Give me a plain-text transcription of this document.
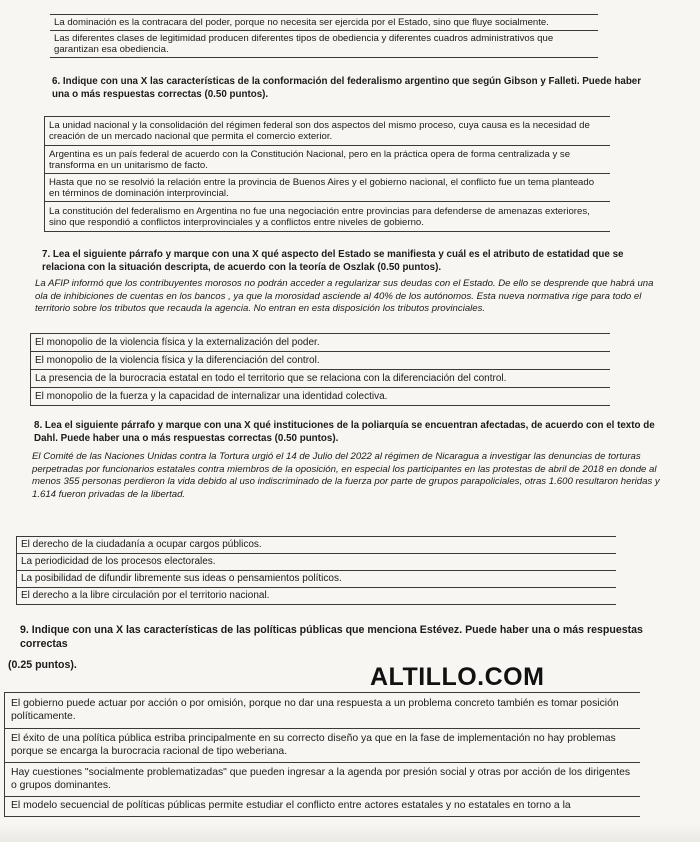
La dominación es la contracara del poder, porque no necesita ser ejercida por el Estado, sino que fluye socialmente.
Las diferentes clases de legitimidad producen diferentes tipos de obediencia y diferentes cuadros administrativos que garantizan esa obediencia.
6. Indique con una X las características de la conformación del federalismo argentino que según Gibson y Falleti. Puede haber una o más respuestas correctas (0.50 puntos).
La unidad nacional y la consolidación del régimen federal son dos aspectos del mismo proceso, cuya causa es la necesidad de creación de un mercado nacional que permita el comercio exterior.
Argentina es un país federal de acuerdo con la Constitución Nacional, pero en la práctica opera de forma centralizada y se transforma en un unitarismo de facto.
Hasta que no se resolvió la relación entre la provincia de Buenos Aires y el gobierno nacional, el conflicto fue un tema planteado en términos de dominación interprovincial.
La constitución del federalismo en Argentina no fue una negociación entre provincias para defenderse de amenazas exteriores, sino que respondió a conflictos interprovinciales y a conflictos entre niveles de gobierno.
7. Lea el siguiente párrafo y marque con una X qué aspecto del Estado se manifiesta y cuál es el atributo de estatidad que se relaciona con la situación descripta, de acuerdo con la teoría de Oszlak (0.50 puntos).
La AFIP informó que los contribuyentes morosos no podrán acceder a regularizar sus deudas con el Estado. De ello se desprende que habrá una ola de inhibiciones de cuentas en los bancos , ya que la morosidad asciende al 40% de los autónomos. Esta nueva normativa rige para todo el territorio sobre los tributos que recauda la agencia. No entran en esta disposición los tributos provinciales.
El monopolio de la violencia física y la externalización del poder.
El monopolio de la violencia física y la diferenciación del control.
La presencia de la burocracia estatal en todo el territorio que se relaciona con la diferenciación del control.
El monopolio de la fuerza y la capacidad de internalizar una identidad colectiva.
8. Lea el siguiente párrafo y marque con una X qué instituciones de la poliarquía se encuentran afectadas, de acuerdo con el texto de Dahl. Puede haber una o más respuestas correctas (0.50 puntos).
El Comité de las Naciones Unidas contra la Tortura urgió el 14 de Julio del 2022 al régimen de Nicaragua a investigar las denuncias de torturas perpetradas por funcionarios estatales contra miembros de la oposición, en especial los participantes en las protestas de abril de 2018 en donde al menos 355 personas perdieron la vida debido al uso indiscriminado de la fuerza por parte de grupos parapoliciales, otras 1.600 resultaron heridas y 1.614 fueron privadas de la libertad.
El derecho de la ciudadanía a ocupar cargos públicos.
La periodicidad de los procesos electorales.
La posibilidad de difundir libremente sus ideas o pensamientos políticos.
El derecho a la libre circulación por el territorio nacional.
9. Indique con una X las características de las políticas públicas que menciona Estévez. Puede haber una o más respuestas correctas
(0.25 puntos).	ALTILLO.COM
El gobierno puede actuar por acción o por omisión, porque no dar una respuesta a un problema concreto también es tomar posición políticamente.
El éxito de una política pública estriba principalmente en su correcto diseño ya que en la fase de implementación no hay problemas porque se encarga la burocracia racional de tipo weberiana.
Hay cuestiones "socialmente problematizadas" que pueden ingresar a la agenda por presión social y otras por acción de los dirigentes o grupos dominantes.
El modelo secuencial de políticas públicas permite estudiar el conflicto entre actores estatales y no estatales en torno a la
